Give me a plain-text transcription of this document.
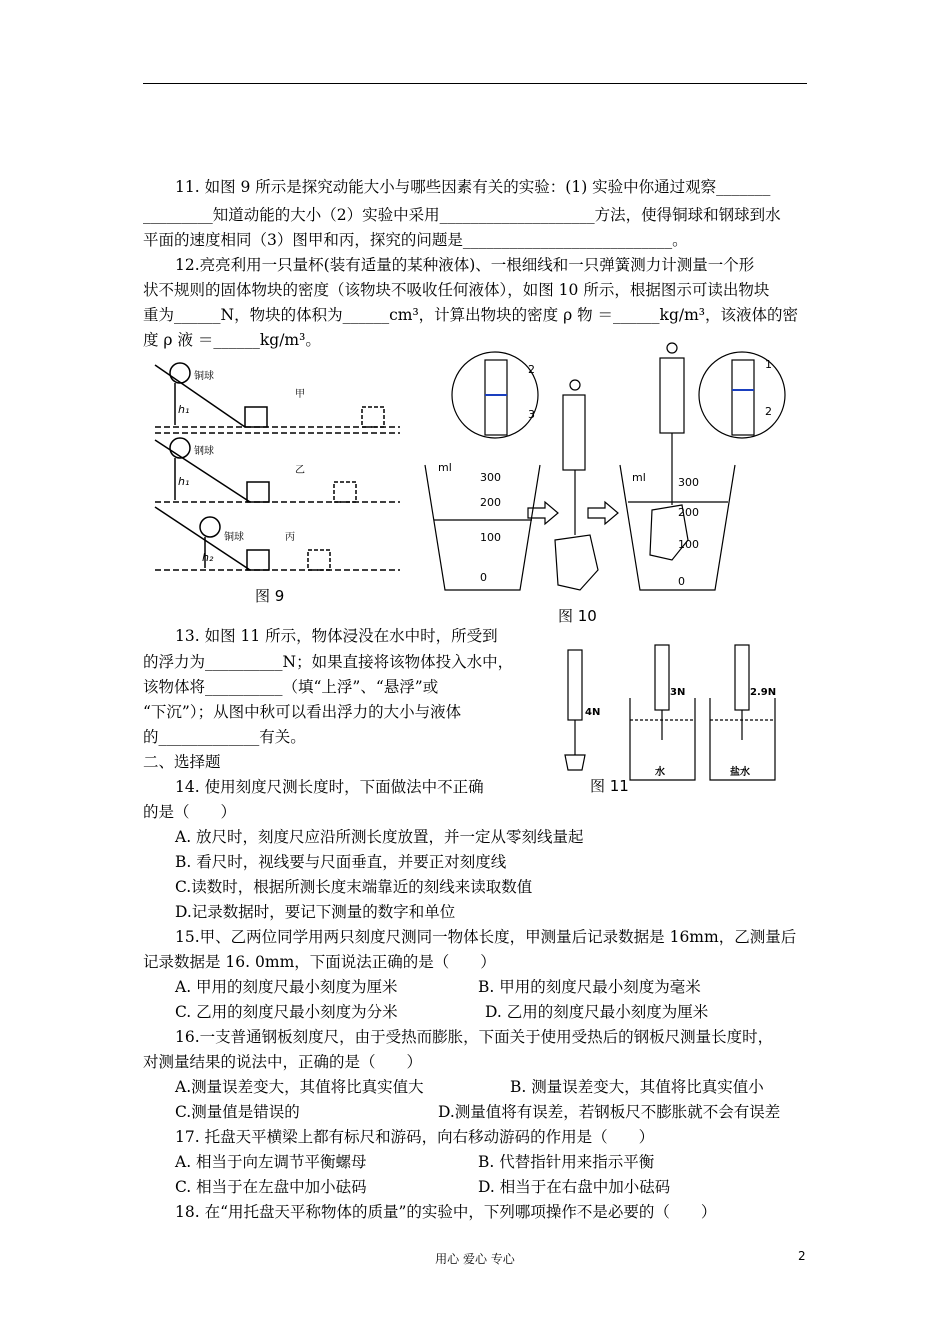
11. 如图 9 所示是探究动能大小与哪些因素有关的实验：(1) 实验中你通过观察_______
_________知道动能的大小（2）实验中采用____________________方法，使得铜球和钢球到水
平面的速度相同（3）图甲和丙，探究的问题是___________________________。
12.亮亮利用一只量杯(装有适量的某种液体)、一根细线和一只弹簧测力计测量一个形
状不规则的固体物块的密度（该物块不吸收任何液体），如图 10 所示，根据图示可读出物块
重为______N，物块的体积为______cm³，计算出物块的密度 ρ 物 ＝______kg/m³，该液体的密
度 ρ 液 ＝______kg/m³。
铜球
甲
h₁
钢球
乙
h₁
铜球	丙
h₂
图 9
ml
300
200
100
0
2
3
ml	300
200
100
0
1
2
图 10
13. 如图 11 所示，物体浸没在水中时，所受到
的浮力为__________N；如果直接将该物体投入水中，
该物体将__________（填“上浮”、“悬浮”或
“下沉”）；从图中秋可以看出浮力的大小与液体
的_____________有关。
4N
3N	2.9N
水	盐水
图 11
二、选择题
14. 使用刻度尺测长度时，下面做法中不正确
的是（　　）
A. 放尺时，刻度尺应沿所测长度放置，并一定从零刻线量起
B. 看尺时，视线要与尺面垂直，并要正对刻度线
C.读数时，根据所测长度末端靠近的刻线来读取数值
D.记录数据时，要记下测量的数字和单位
15.甲、乙两位同学用两只刻度尺测同一物体长度，甲测量后记录数据是 16mm，乙测量后
记录数据是 16. 0mm，下面说法正确的是（　　）
A. 甲用的刻度尺最小刻度为厘米	B. 甲用的刻度尺最小刻度为毫米
C. 乙用的刻度尺最小刻度为分米	D. 乙用的刻度尺最小刻度为厘米
16.一支普通钢板刻度尺，由于受热而膨胀，下面关于使用受热后的钢板尺测量长度时，
对测量结果的说法中，正确的是（　　）
A.测量误差变大，其值将比真实值大	B. 测量误差变大，其值将比真实值小
C.测量值是错误的	D.测量值将有误差，若钢板尺不膨胀就不会有误差
17. 托盘天平横梁上都有标尺和游码，向右移动游码的作用是（　　）
A. 相当于向左调节平衡螺母	B. 代替指针用来指示平衡
C. 相当于在左盘中加小砝码	D. 相当于在右盘中加小砝码
18. 在“用托盘天平称物体的质量”的实验中，下列哪项操作不是必要的（　　）
用心 爱心 专心	2
